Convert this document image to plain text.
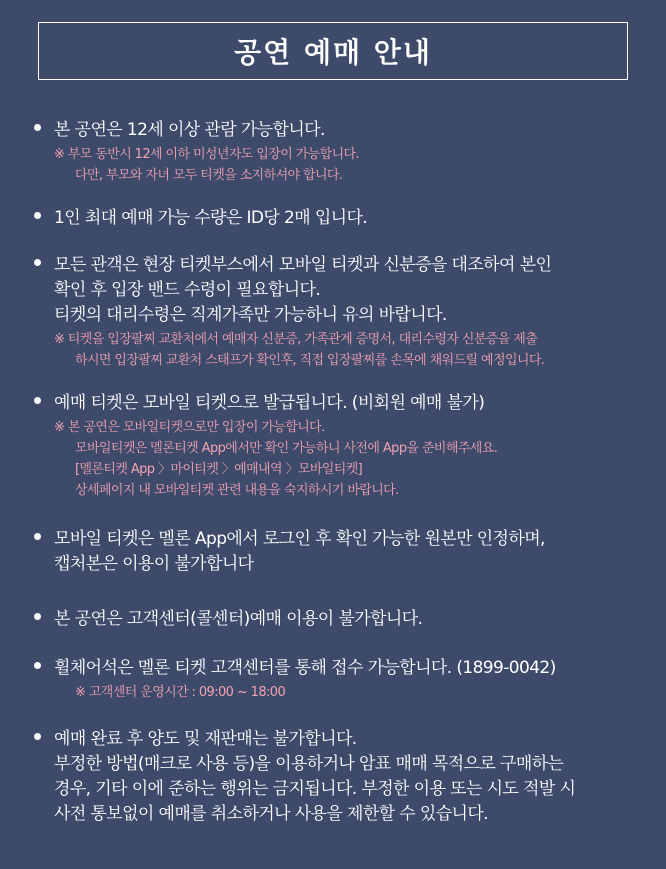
공연 예매 안내
본 공연은 12세 이상 관람 가능합니다.
※ 부모 동반시 12세 이하 미성년자도 입장이 가능합니다.
다만, 부모와 자녀 모두 티켓을 소지하셔야 합니다.
1인 최대 예매 가능 수량은 ID당 2매 입니다.
모든 관객은 현장 티켓부스에서 모바일 티켓과 신분증을 대조하여 본인
확인 후 입장 밴드 수령이 필요합니다.
티켓의 대리수령은 직계가족만 가능하니 유의 바랍니다.
※ 티켓을 입장팔찌 교환처에서 예매자 신분증, 가족관계 증명서, 대리수령자 신분증을 제출
하시면 입장팔찌 교환처 스태프가 확인후, 직접 입장팔찌를 손목에 채워드릴 예정입니다.
예매 티켓은 모바일 티켓으로 발급됩니다. (비회원 예매 불가)
※ 본 공연은 모바일티켓으로만 입장이 가능합니다.
모바일티켓은 멜론티켓 App에서만 확인 가능하니 사전에 App을 준비해주세요.
[멜론티켓 App 〉마이티켓 〉예매내역 〉모바일티켓]
상세페이지 내 모바일티켓 관련 내용을 숙지하시기 바랍니다.
모바일 티켓은 멜론 App에서 로그인 후 확인 가능한 원본만 인정하며,
캡처본은 이용이 불가합니다
본 공연은 고객센터(콜센터)예매 이용이 불가합니다.
휠체어석은 멜론 티켓 고객센터를 통해 접수 가능합니다. (1899-0042)
※ 고객센터 운영시간 : 09:00 ~ 18:00
예매 완료 후 양도 및 재판매는 불가합니다.
부정한 방법(매크로 사용 등)을 이용하거나 암표 매매 목적으로 구매하는
경우, 기타 이에 준하는 행위는 금지됩니다. 부정한 이용 또는 시도 적발 시
사전 통보없이 예매를 취소하거나 사용을 제한할 수 있습니다.
